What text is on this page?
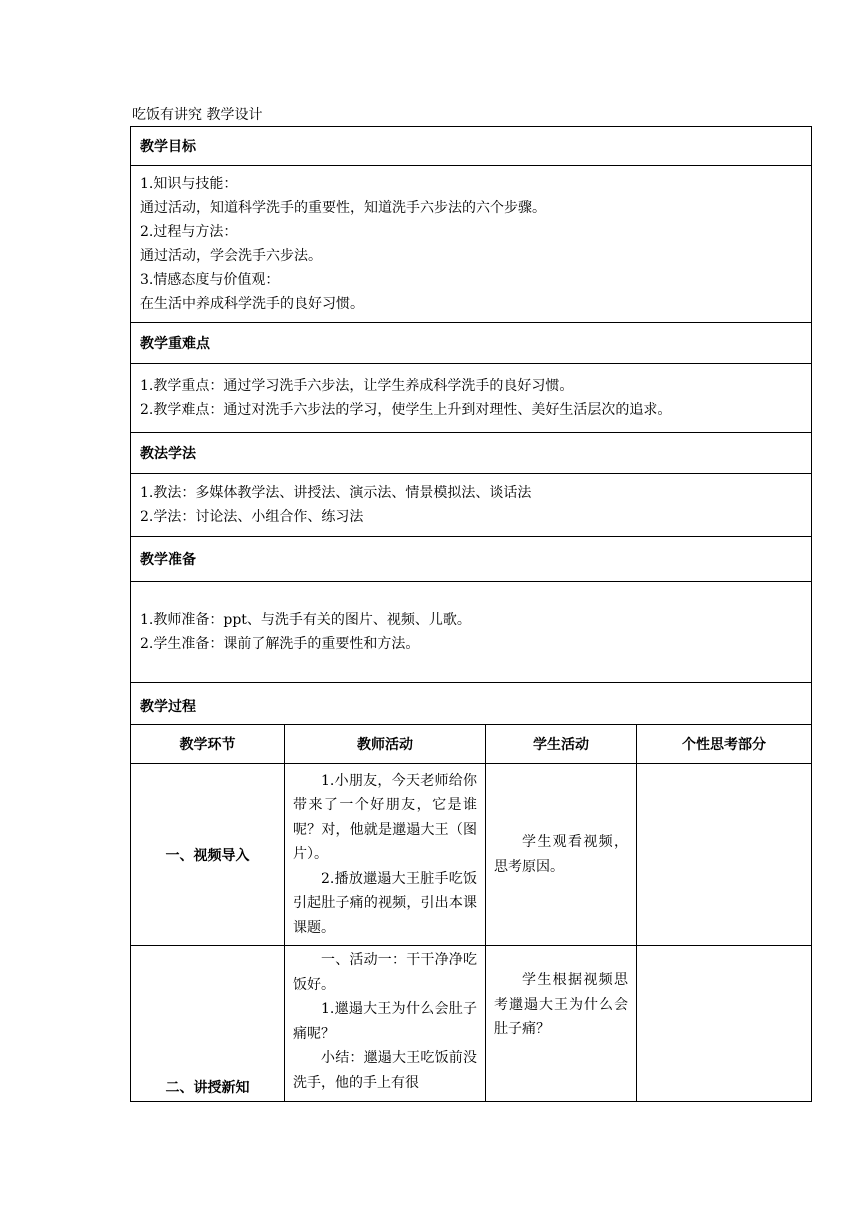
吃饭有讲究 教学设计
教学目标
1.知识与技能：
通过活动，知道科学洗手的重要性，知道洗手六步法的六个步骤。
2.过程与方法：
通过活动，学会洗手六步法。
3.情感态度与价值观：
在生活中养成科学洗手的良好习惯。
教学重难点
1.教学重点：通过学习洗手六步法，让学生养成科学洗手的良好习惯。
2.教学难点：通过对洗手六步法的学习，使学生上升到对理性、美好生活层次的追求。
教法学法
1.教法：多媒体教学法、讲授法、演示法、情景模拟法、谈话法
2.学法：讨论法、小组合作、练习法
教学准备
1.教师准备：ppt、与洗手有关的图片、视频、儿歌。
2.学生准备：课前了解洗手的重要性和方法。
教学过程
教学环节	教师活动	学生活动	个性思考部分
一、视频导入	1.小朋友，今天老师给你带来了一个好朋友，它是谁呢？对，他就是邋遢大王（图片）。
2.播放邋遢大王脏手吃饭引起肚子痛的视频，引出本课课题。	学生观看视频，思考原因。	

二、讲授新知	一、活动一：干干净净吃饭好。
1.邋遢大王为什么会肚子痛呢？
小结：邋遢大王吃饭前没洗手，他的手上有很	学生根据视频思考邋遢大王为什么会肚子痛？	
